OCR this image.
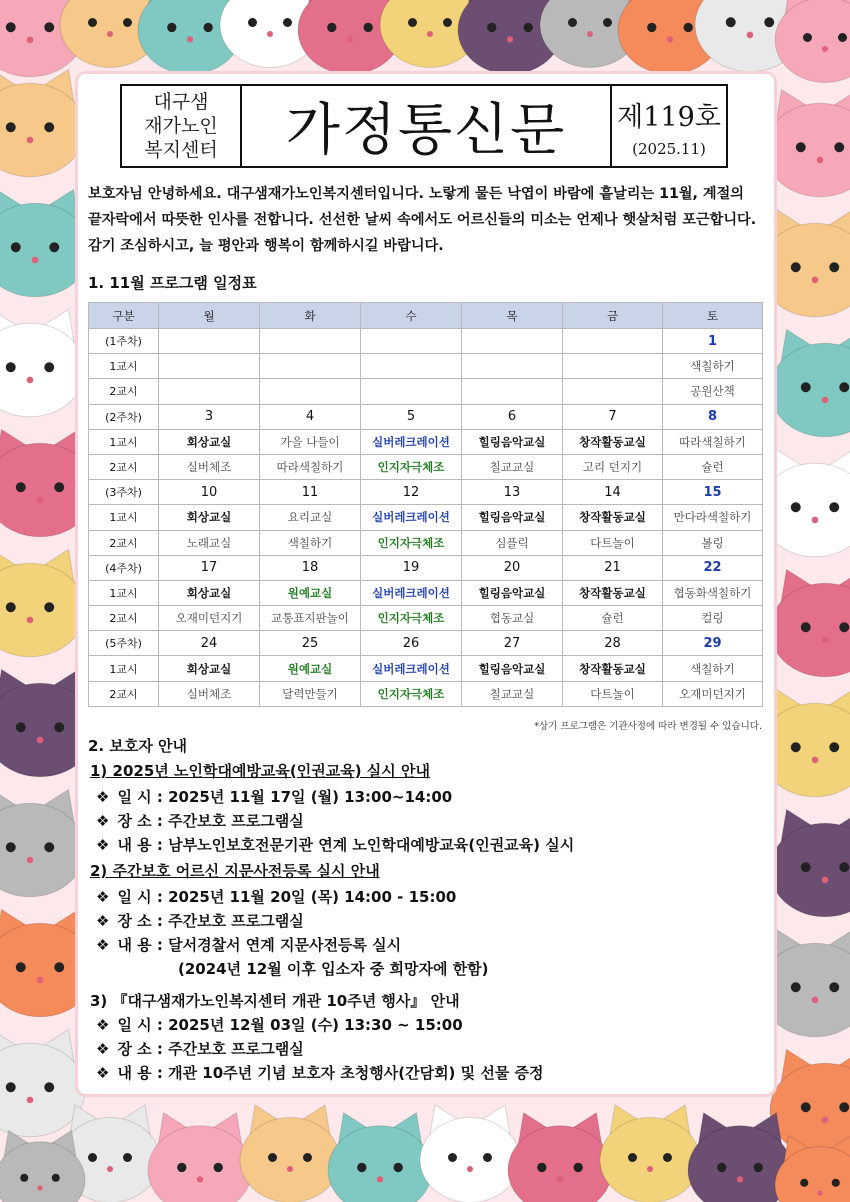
대구샘
재가노인
복지센터	가정통신문	제119호
(2025.11)
보호자님 안녕하세요. 대구샘재가노인복지센터입니다. 노랗게 물든 낙엽이 바람에 흩날리는 11월, 계절의 끝자락에서 따뜻한 인사를 전합니다. 선선한 날씨 속에서도 어르신들의 미소는 언제나 햇살처럼 포근합니다. 감기 조심하시고, 늘 평안과 행복이 함께하시길 바랍니다.
1. 11월 프로그램 일정표
구분	월	화	수	목	금	토
(1주차)						1
1교시						색칠하기
2교시						공원산책
(2주차)	3	4	5	6	7	8
1교시	회상교실	가을 나들이	실버레크레이션	힐링음악교실	창작활동교실	따라색칠하기
2교시	실버체조	따라색칠하기	인지자극체조	칠교교실	고리 던지기	슐런
(3주차)	10	11	12	13	14	15
1교시	회상교실	요리교실	실버레크레이션	힐링음악교실	창작활동교실	만다라색칠하기
2교시	노래교실	색칠하기	인지자극체조	심플릭	다트놀이	볼링
(4주차)	17	18	19	20	21	22
1교시	회상교실	원예교실	실버레크레이션	힐링음악교실	창작활동교실	협동화색칠하기
2교시	오재미던지기	교통표지판놀이	인지자극체조	협동교실	슐런	컬링
(5주차)	24	25	26	27	28	29
1교시	회상교실	원예교실	실버레크레이션	힐링음악교실	창작활동교실	색칠하기
2교시	실버체조	달력만들기	인지자극체조	칠교교실	다트놀이	오재미던지기
*상기 프로그램은 기관사정에 따라 변경될 수 있습니다.
2. 보호자 안내
1) 2025년 노인학대예방교육(인권교육) 실시 안내
❖ 일 시 : 2025년 11월 17일 (월) 13:00~14:00
❖ 장 소 : 주간보호 프로그램실
❖ 내 용 : 남부노인보호전문기관 연계 노인학대예방교육(인권교육) 실시
2) 주간보호 어르신 지문사전등록 실시 안내
❖ 일 시 : 2025년 11월 20일 (목) 14:00 - 15:00
❖ 장 소 : 주간보호 프로그램실
❖ 내 용 : 달서경찰서 연계 지문사전등록 실시
(2024년 12월 이후 입소자 중 희망자에 한함)
3) 『대구샘재가노인복지센터 개관 10주년 행사』 안내
❖ 일 시 : 2025년 12월 03일 (수) 13:30 ~ 15:00
❖ 장 소 : 주간보호 프로그램실
❖ 내 용 : 개관 10주년 기념 보호자 초청행사(간담회) 및 선물 증정
